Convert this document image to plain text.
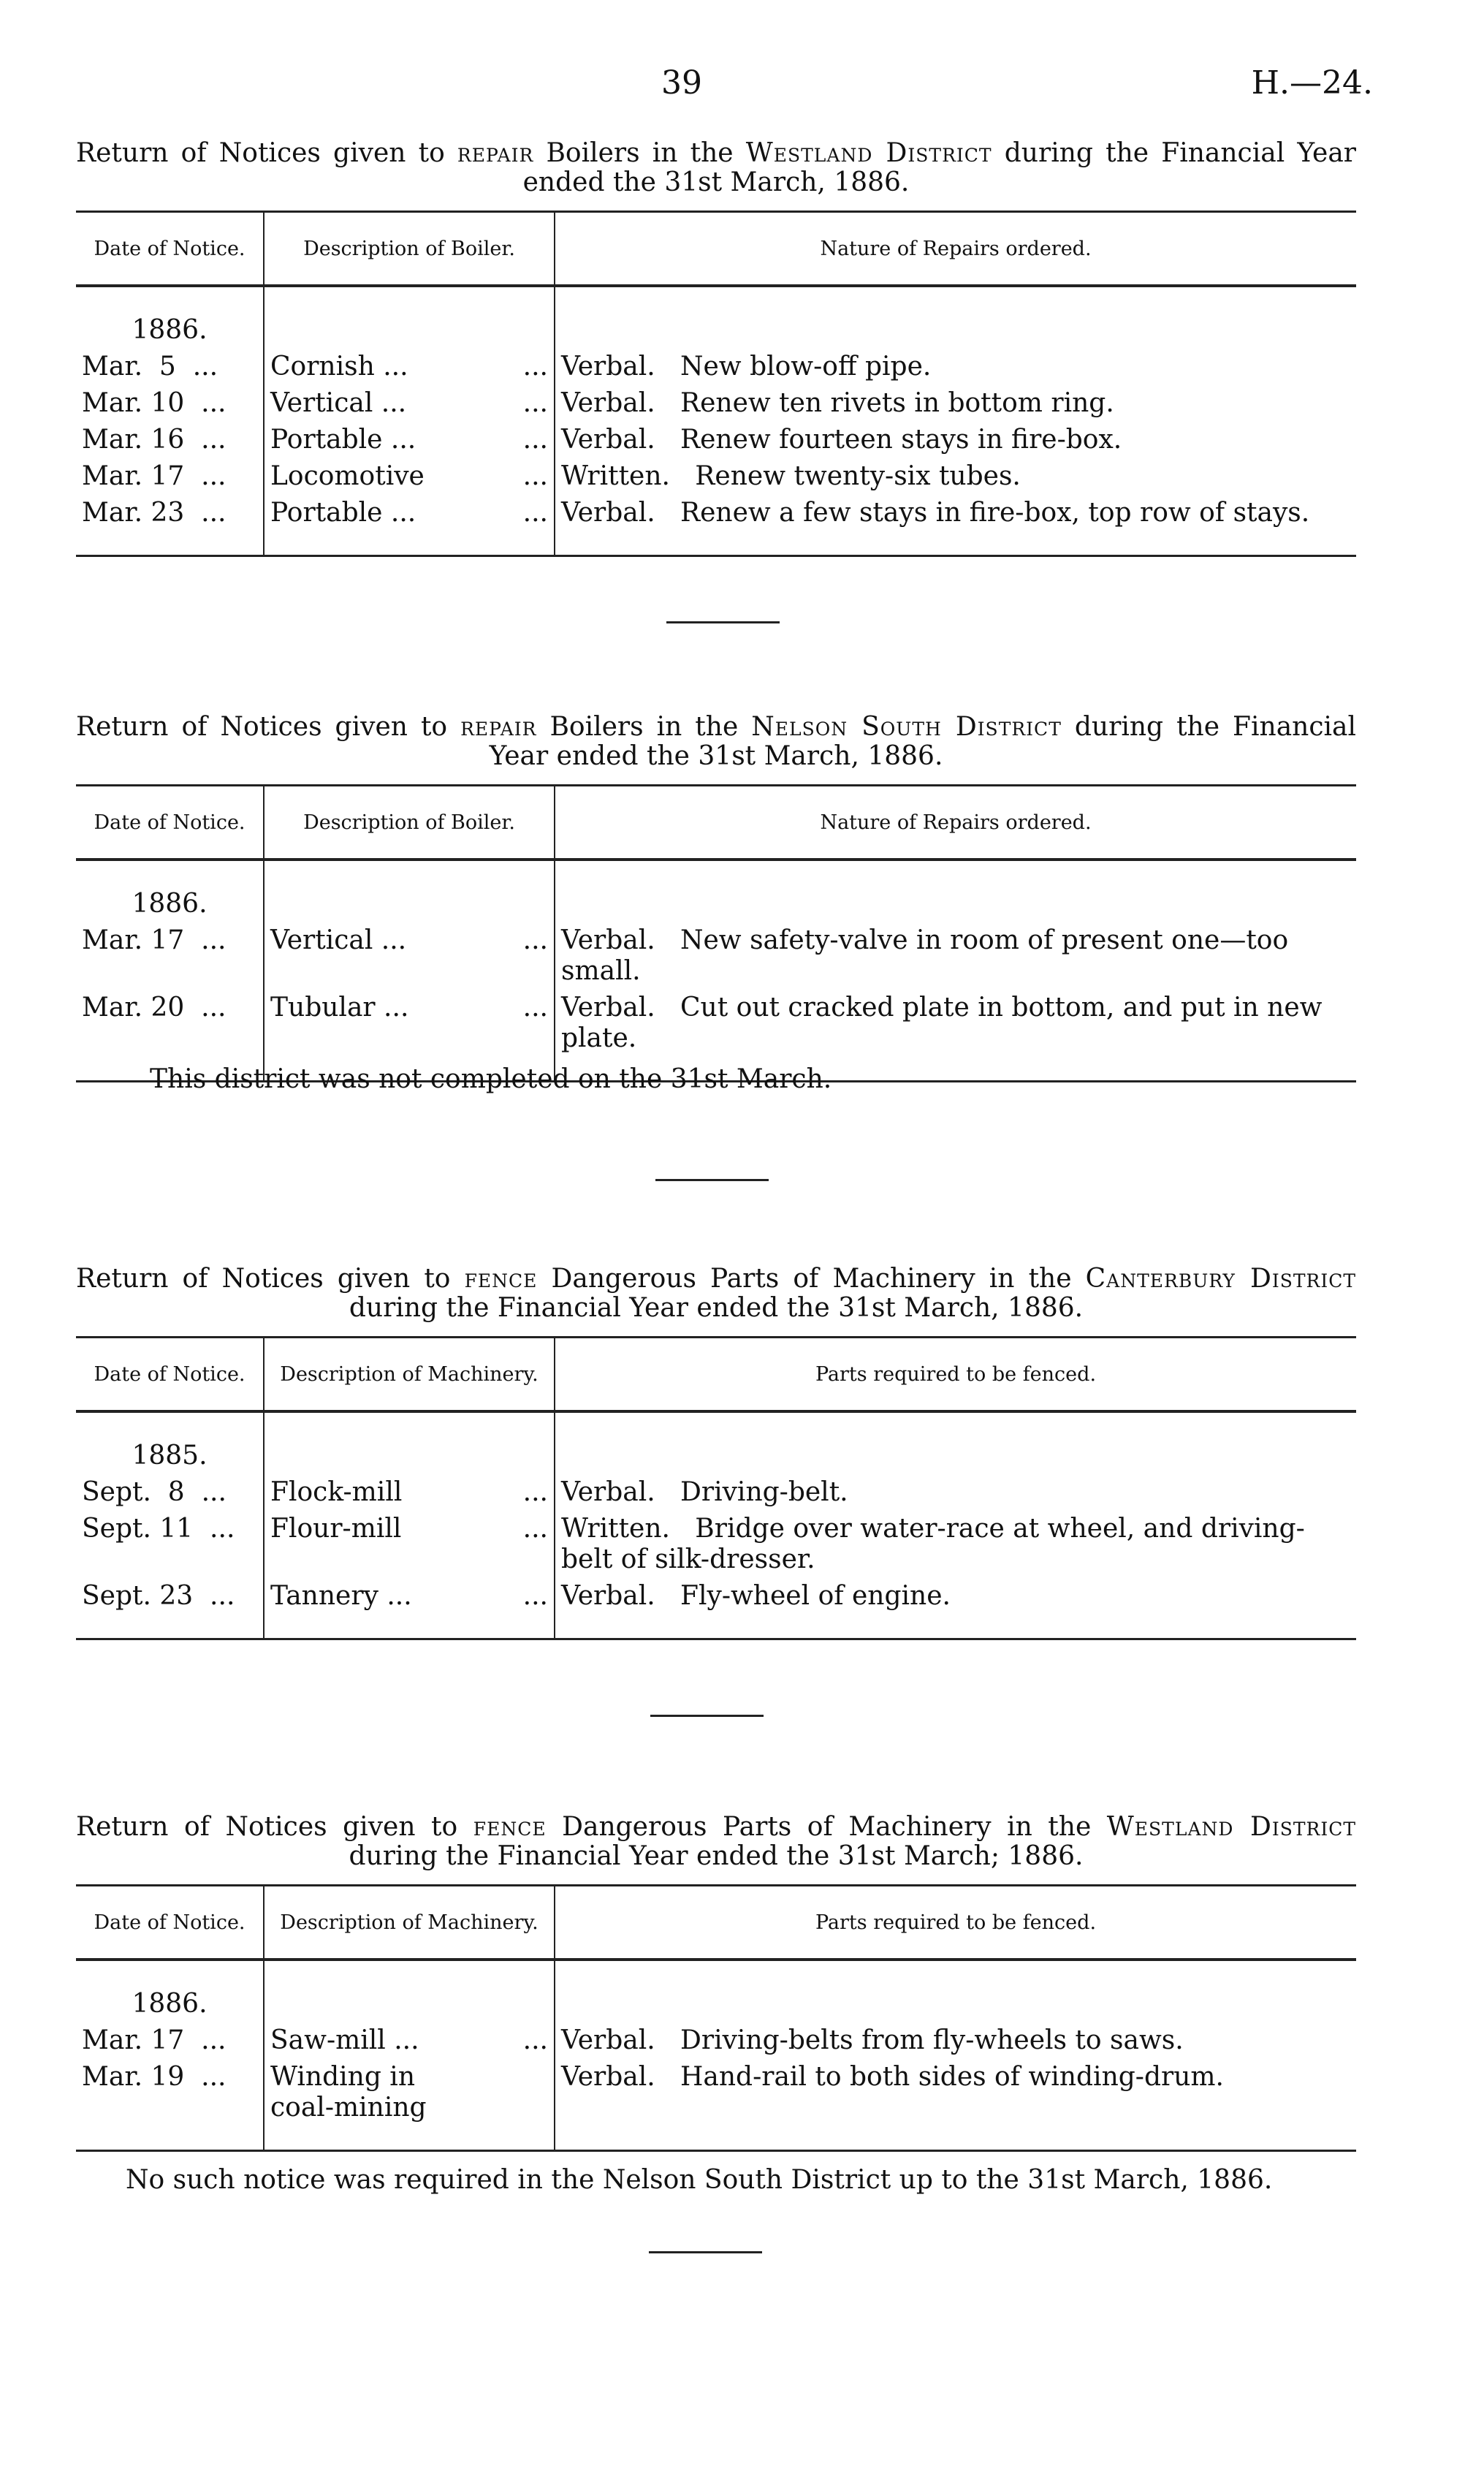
39	H.—24.
Return of Notices given to repair Boilers in the Westland District during the Financial Year ended the 31st March, 1886.
Date of Notice.	Description of Boiler.	Nature of Repairs ordered.

1886.		

Mar.  5  ...	Cornish ... ...	Verbal.   New blow-off pipe.
Mar. 10  ...	Vertical ... ...	Verbal.   Renew ten rivets in bottom ring.
Mar. 16  ...	Portable ... ...	Verbal.   Renew fourteen stays in fire-box.
Mar. 17  ...	Locomotive ...	Written.   Renew twenty-six tubes.
Mar. 23  ...	Portable ... ...	Verbal.   Renew a few stays in fire-box, top row of stays.
Return of Notices given to repair Boilers in the Nelson South District during the Financial Year ended the 31st March, 1886.
Date of Notice.	Description of Boiler.	Nature of Repairs ordered.

1886.		

Mar. 17  ...	Vertical ... ...	Verbal.   New safety-valve in room of present one—too small.
Mar. 20  ...	Tubular ... ...	Verbal.   Cut out cracked plate in bottom, and put in new plate.
This district was not completed on the 31st March.
Return of Notices given to fence Dangerous Parts of Machinery in the Canterbury District during the Financial Year ended the 31st March, 1886.
Date of Notice.	Description of Machinery.	Parts required to be fenced.

1885.		

Sept.  8  ...	Flock-mill ...	Verbal.   Driving-belt.
Sept. 11  ...	Flour-mill ...	Written.   Bridge over water-race at wheel, and driving-belt of silk-dresser.
Sept. 23  ...	Tannery ... ...	Verbal.   Fly-wheel of engine.
Return of Notices given to fence Dangerous Parts of Machinery in the Westland District during the Financial Year ended the 31st March; 1886.
Date of Notice.	Description of Machinery.	Parts required to be fenced.

1886.		

Mar. 17  ...	Saw-mill ... ...	Verbal.   Driving-belts from fly-wheels to saws.
Mar. 19  ...	Winding in coal-mining	Verbal.   Hand-rail to both sides of winding-drum.
No such notice was required in the Nelson South District up to the 31st March, 1886.
